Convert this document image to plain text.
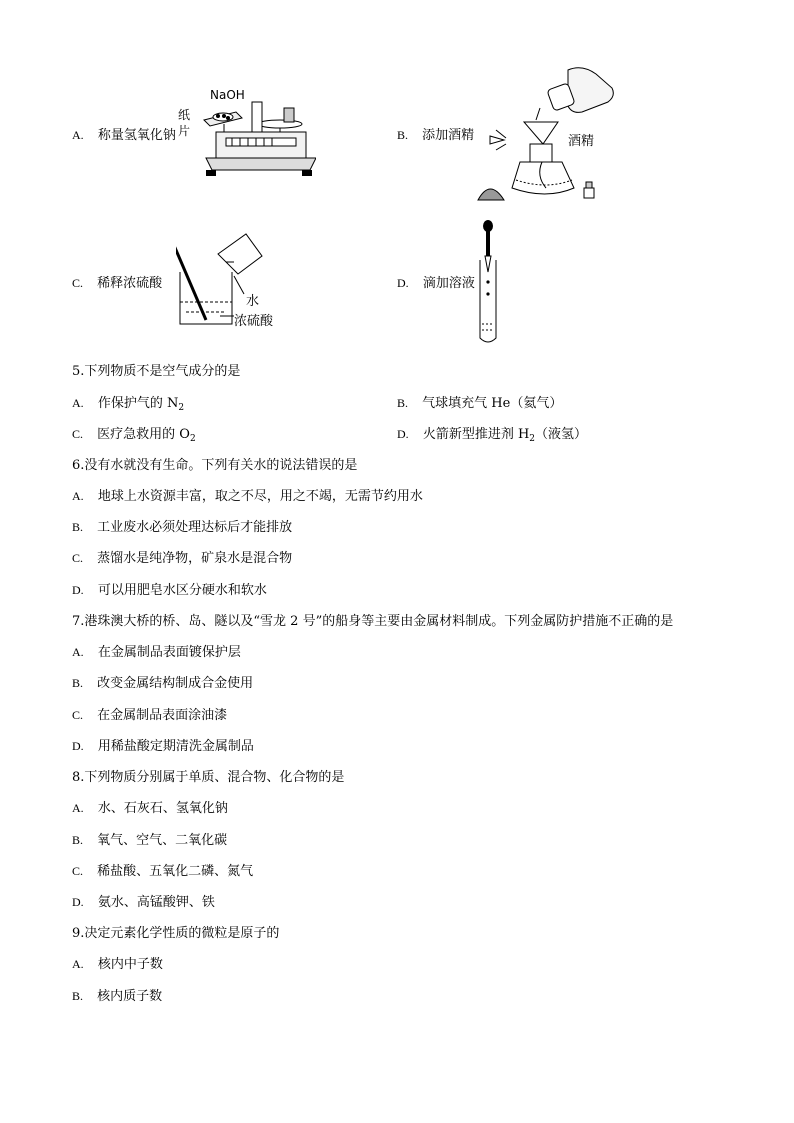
A. 称量氢氧化钠
NaOH
纸
片	B. 添加酒精	酒精
C. 稀释浓硫酸
水
浓硫酸
D. 滴加溶液
5.下列物质不是空气成分的是
A. 作保护气的 $N_2$	B. 气球填充气 He（氦气）
C. 医疗急救用的 $O_2$	D. 火箭新型推进剂 $H_2$（液氢）
6.没有水就没有生命。下列有关水的说法错误的是
A. 地球上水资源丰富，取之不尽，用之不竭，无需节约用水
B. 工业废水必须处理达标后才能排放
C. 蒸馏水是纯净物，矿泉水是混合物
D. 可以用肥皂水区分硬水和软水
7.港珠澳大桥的桥、岛、隧以及“雪龙 2 号”的船身等主要由金属材料制成。下列金属防护措施不正确的是
A. 在金属制品表面镀保护层
B. 改变金属结构制成合金使用
C. 在金属制品表面涂油漆
D. 用稀盐酸定期清洗金属制品
8.下列物质分别属于单质、混合物、化合物的是
A. 水、石灰石、氢氧化钠
B. 氧气、空气、二氧化碳
C. 稀盐酸、五氧化二磷、氮气
D. 氨水、高锰酸钾、铁
9.决定元素化学性质的微粒是原子的
A. 核内中子数
B. 核内质子数
